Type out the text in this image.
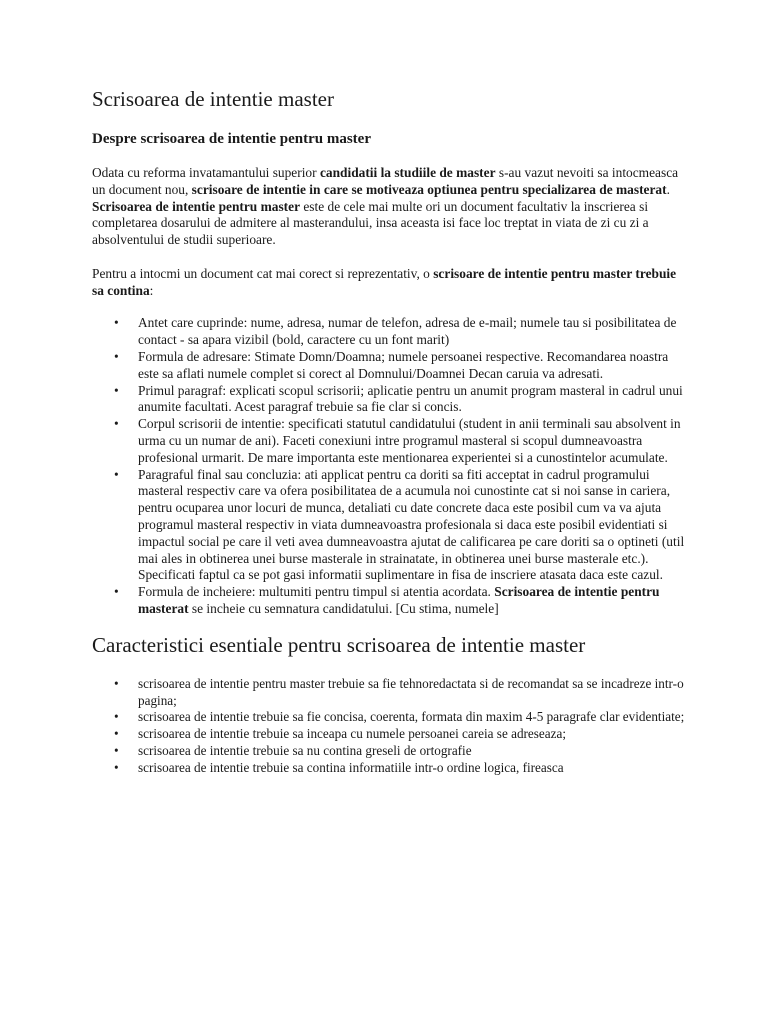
Scrisoarea de intentie master
Despre scrisoarea de intentie pentru master

Odata cu reforma invatamantului superior candidatii la studiile de master s-au vazut nevoiti sa intocmeasca un document nou, scrisoare de intentie in care se motiveaza optiunea pentru specializarea de masterat.

Scrisoarea de intentie pentru master este de cele mai multe ori un document facultativ la inscrierea si completarea dosarului de admitere al masterandului, insa aceasta isi face loc treptat in viata de zi cu zi a absolventului de studii superioare.

Pentru a intocmi un document cat mai corect si reprezentativ, o scrisoare de intentie pentru master trebuie sa contina:

• Antet care cuprinde: nume, adresa, numar de telefon, adresa de e-mail; numele tau si posibilitatea de contact - sa apara vizibil (bold, caractere cu un font marit)
• Formula de adresare: Stimate Domn/Doamna; numele persoanei respective. Recomandarea noastra este sa aflati numele complet si corect al Domnului/Doamnei Decan caruia va adresati.
• Primul paragraf: explicati scopul scrisorii; aplicatie pentru un anumit program masteral in cadrul unui anumite facultati. Acest paragraf trebuie sa fie clar si concis.
• Corpul scrisorii de intentie: specificati statutul candidatului (student in anii terminali sau absolvent in urma cu un numar de ani). Faceti conexiuni intre programul masteral si scopul dumneavoastra profesional urmarit. De mare importanta este mentionarea experientei si a cunostintelor acumulate.
• Paragraful final sau concluzia: ati applicat pentru ca doriti sa fiti acceptat in cadrul programului masteral respectiv care va ofera posibilitatea de a acumula noi cunostinte cat si noi sanse in cariera, pentru ocuparea unor locuri de munca, detaliati cu date concrete daca este posibil cum va va ajuta programul masteral respectiv in viata dumneavoastra profesionala si daca este posibil evidentiati si impactul social pe care il veti avea dumneavoastra ajutat de calificarea pe care doriti sa o optineti (util mai ales in obtinerea unei burse masterale in strainatate, in obtinerea unei burse masterale etc.). Specificati faptul ca se pot gasi informatii suplimentare in fisa de inscriere atasata daca este cazul.
• Formula de incheiere: multumiti pentru timpul si atentia acordata. Scrisoarea de intentie pentru masterat se incheie cu semnatura candidatului. [Cu stima, numele]
Caracteristici esentiale pentru scrisoarea de intentie master
• scrisoarea de intentie pentru master trebuie sa fie tehnoredactata si de recomandat sa se incadreze intr-o pagina;
• scrisoarea de intentie trebuie sa fie concisa, coerenta, formata din maxim 4-5 paragrafe clar evidentiate;
• scrisoarea de intentie trebuie sa inceapa cu numele persoanei careia se adreseaza;
• scrisoarea de intentie trebuie sa nu contina greseli de ortografie
• scrisoarea de intentie trebuie sa contina informatiile intr-o ordine logica, fireasca
